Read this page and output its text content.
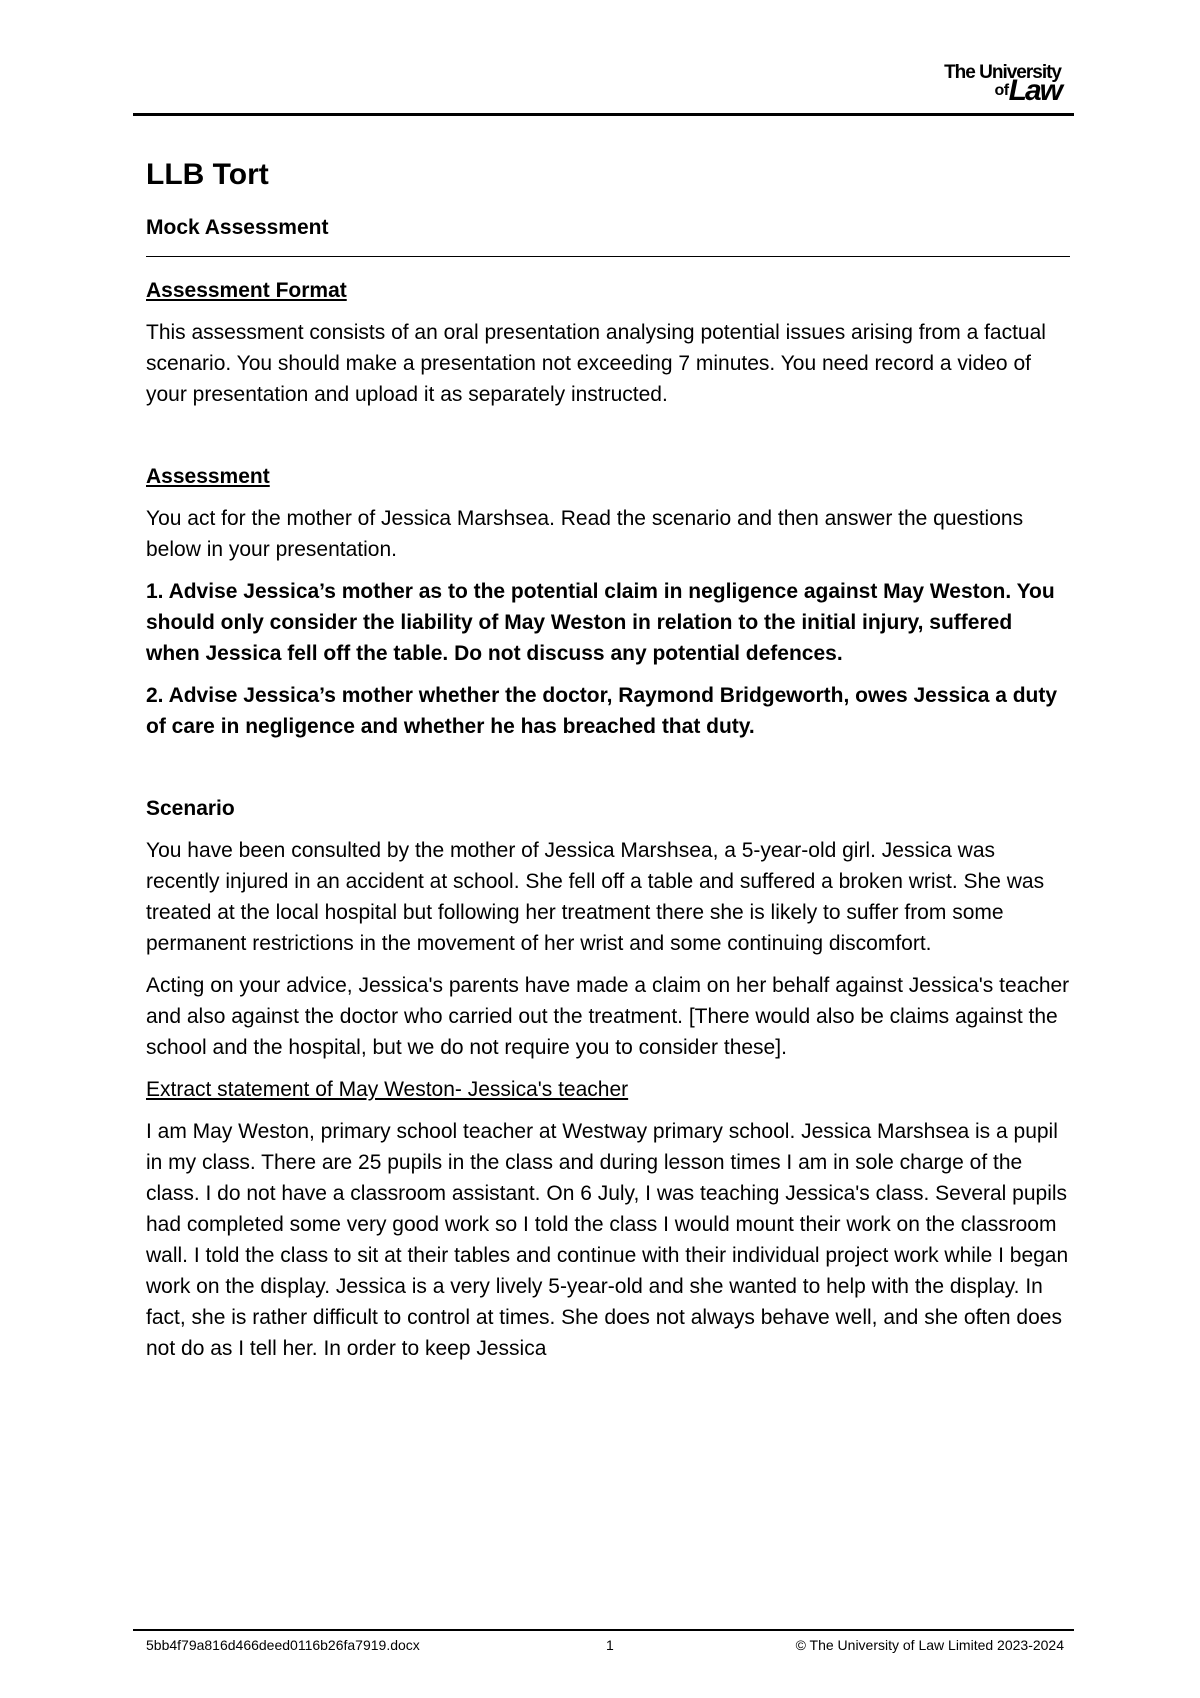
The University
ofLaw
LLB Tort
Mock Assessment
Assessment Format

This assessment consists of an oral presentation analysing potential issues arising from a factual scenario. You should make a presentation not exceeding 7 minutes. You need record a video of your presentation and upload it as separately instructed.

Assessment

You act for the mother of Jessica Marshsea. Read the scenario and then answer the questions below in your presentation.

1. Advise Jessica’s mother as to the potential claim in negligence against May Weston. You should only consider the liability of May Weston in relation to the initial injury, suffered when Jessica fell off the table. Do not discuss any potential defences.

2. Advise Jessica’s mother whether the doctor, Raymond Bridgeworth, owes Jessica a duty of care in negligence and whether he has breached that duty.

Scenario

You have been consulted by the mother of Jessica Marshsea, a 5-year-old girl. Jessica was recently injured in an accident at school. She fell off a table and suffered a broken wrist. She was treated at the local hospital but following her treatment there she is likely to suffer from some permanent restrictions in the movement of her wrist and some continuing discomfort.

Acting on your advice, Jessica's parents have made a claim on her behalf against Jessica's teacher and also against the doctor who carried out the treatment. [There would also be claims against the school and the hospital, but we do not require you to consider these].

Extract statement of May Weston- Jessica's teacher

I am May Weston, primary school teacher at Westway primary school. Jessica Marshsea is a pupil in my class. There are 25 pupils in the class and during lesson times I am in sole charge of the class. I do not have a classroom assistant. On 6 July, I was teaching Jessica's class. Several pupils had completed some very good work so I told the class I would mount their work on the classroom wall. I told the class to sit at their tables and continue with their individual project work while I began work on the display. Jessica is a very lively 5-year-old and she wanted to help with the display. In fact, she is rather difficult to control at times. She does not always behave well, and she often does not do as I tell her. In order to keep Jessica

5bb4f79a816d466deed0116b26fa7919.docx	1	© The University of Law Limited 2023-2024
